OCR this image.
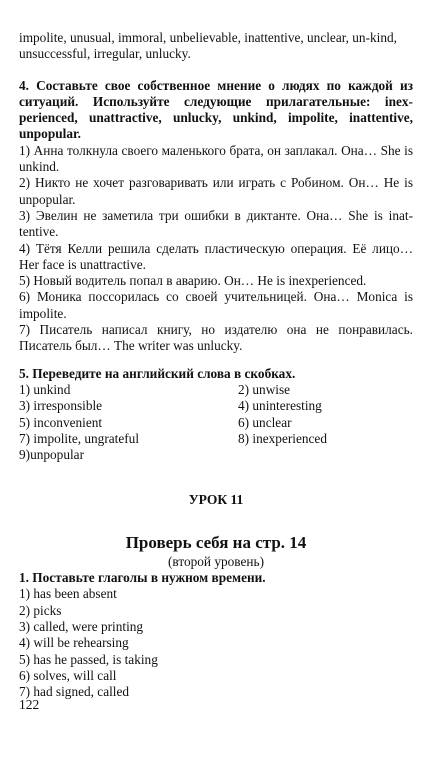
impolite, unusual, immoral, unbelievable, inattentive, unclear, un-kind,

unsuccessful, irregular, unlucky.

4. Составьте свое собственное мнение о людях по каждой из ситуаций. Используйте следующие прилагательные: inex-perienced, unattractive, unlucky, unkind, impolite, inattentive, unpopular.

1) Анна толкнула своего маленького брата, он заплакал. Она… She is unkind.

2) Никто не хочет разговаривать или играть с Робином. Он… He is unpopular.

3) Эвелин не заметила три ошибки в диктанте. Она… She is inat-tentive.

4) Тётя Келли решила сделать пластическую операция. Её лицо… Her face is unattractive.

5) Новый водитель попал в аварию. Он… He is inexperienced.

6) Моника поссорилась со своей учительницей. Она… Monica is impolite.

7) Писатель написал книгу, но издателю она не понравилась. Писатель был… The writer was unlucky.

5. Переведите на английский слова в скобках.

1) unkind	2) unwise
3) irresponsible	4) uninteresting
5) inconvenient	6) unclear
7) impolite, ungrateful	8) inexperienced
9)unpopular
УРОК 11
Проверь себя на стр. 14
(второй уровень)

1. Поставьте глаголы в нужном времени.

1) has been absent
2) picks
3) called, were printing
4) will be rehearsing
5) has he passed, is taking
6) solves, will call
7) had signed, called
122
